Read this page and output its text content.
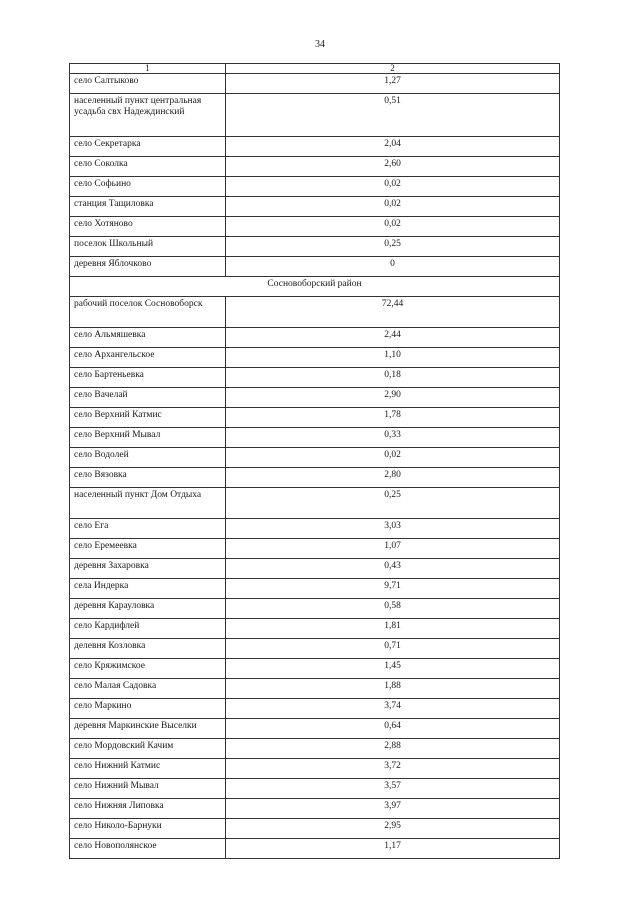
34
1	2
село Салтыково	1,27
населенный пункт центральная усадьба свх Надеждинский	0,51
село Секретарка	2,04
село Соколка	2,60
село Софьино	0,02
станция Тащиловка	0,02
село Хотяново	0,02
поселок Школьный	0,25
деревня Яблочково	0
Сосновоборский район	
рабочий поселок Сосновоборск	72,44
село Альмяшевка	2,44
село Архангельское	1,10
село Бартеньевка	0,18
село Вачелай	2,90
село Верхний Катмис	1,78
село Верхний Мывал	0,33
село Водолей	0,02
село Вязовка	2,80
населенный пункт Дом Отдыха	0,25
село Ега	3,03
село Еремеевка	1,07
деревня Захаровка	0,43
села Индерка	9,71
деревня Карауловка	0,58
село Кардифлей	1,81
делевня Козловка	0,71
село Кряжимское	1,45
село Малая Садовка	1,88
село Маркино	3,74
деревня Маркинские Выселки	0,64
село Мордовский Качим	2,88
село Нижний Катмис	3,72
село Нижний Мывал	3,57
село Нижняя Липовка	3,97
село Николо-Барнуки	2,95
село Новополянское	1,17
